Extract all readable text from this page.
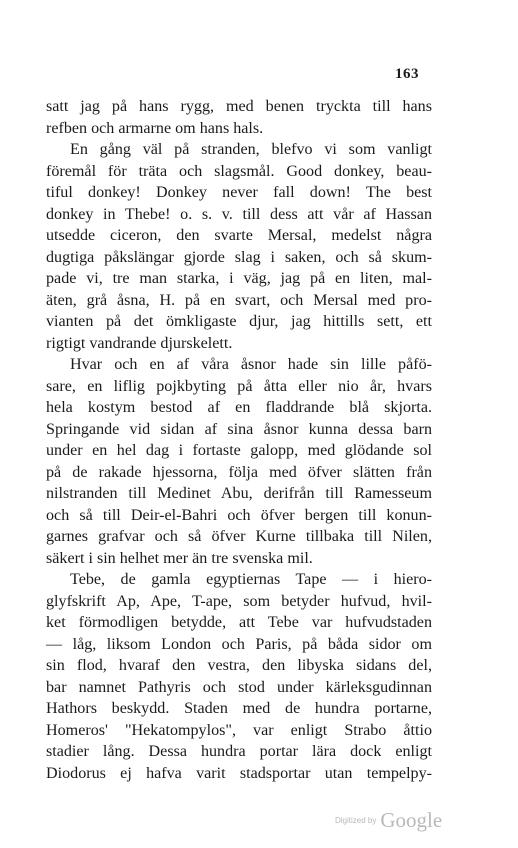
163
satt jag på hans rygg, med benen tryckta till hans
refben och armarne om hans hals.
En gång väl på stranden, blefvo vi som vanligt
föremål för träta och slagsmål. Good donkey, beau-
tiful donkey! Donkey never fall down! The best
donkey in Thebe! o. s. v. till dess att vår af Hassan
utsedde ciceron, den svarte Mersal, medelst några
dugtiga påkslängar gjorde slag i saken, och så skum-
pade vi, tre man starka, i väg, jag på en liten, mal-
äten, grå åsna, H. på en svart, och Mersal med pro-
vianten på det ömkligaste djur, jag hittills sett, ett
rigtigt vandrande djurskelett.
Hvar och en af våra åsnor hade sin lille påfö-
sare, en liflig pojkbyting på åtta eller nio år, hvars
hela kostym bestod af en fladdrande blå skjorta.
Springande vid sidan af sina åsnor kunna dessa barn
under en hel dag i fortaste galopp, med glödande sol
på de rakade hjessorna, följa med öfver slätten från
nilstranden till Medinet Abu, derifrån till Ramesseum
och så till Deir-el-Bahri och öfver bergen till konun-
garnes grafvar och så öfver Kurne tillbaka till Nilen,
säkert i sin helhet mer än tre svenska mil.
Tebe, de gamla egyptiernas Tape — i hiero-
glyfskrift Ap, Ape, T-ape, som betyder hufvud, hvil-
ket förmodligen betydde, att Tebe var hufvudstaden
— låg, liksom London och Paris, på båda sidor om
sin flod, hvaraf den vestra, den libyska sidans del,
bar namnet Pathyris och stod under kärleksgudinnan
Hathors beskydd. Staden med de hundra portarne,
Homeros' "Hekatompylos", var enligt Strabo åttio
stadier lång. Dessa hundra portar lära dock enligt
Diodorus ej hafva varit stadsportar utan tempelpy-
Digitized by Google
